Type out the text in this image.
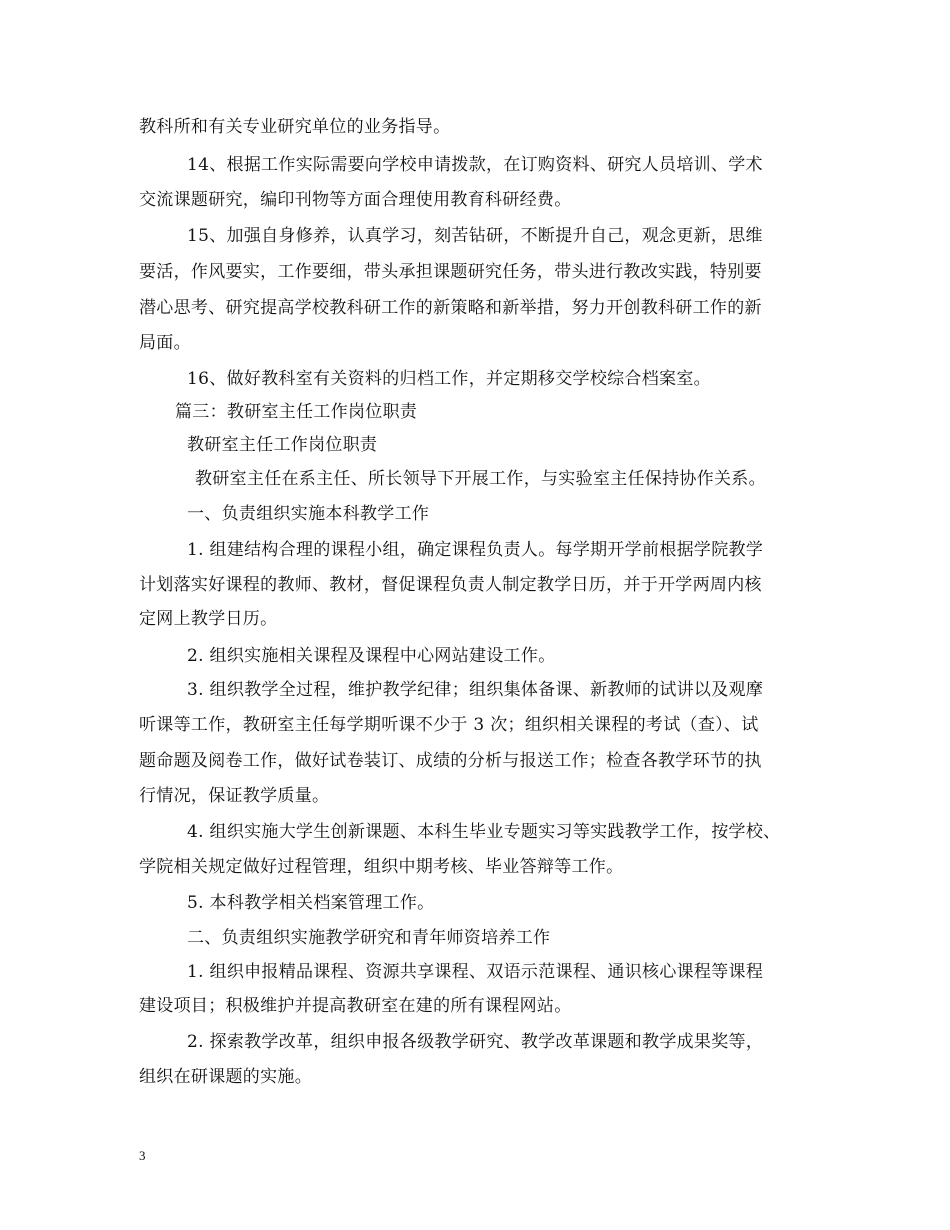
教科所和有关专业研究单位的业务指导。
14、根据工作实际需要向学校申请拨款，在订购资料、研究人员培训、学术
交流课题研究，编印刊物等方面合理使用教育科研经费。
15、加强自身修养，认真学习，刻苦钻研，不断提升自己，观念更新，思维
要活，作风要实，工作要细，带头承担课题研究任务，带头进行教改实践，特别要
潜心思考、研究提高学校教科研工作的新策略和新举措，努力开创教科研工作的新
局面。
16、做好教科室有关资料的归档工作，并定期移交学校综合档案室。
篇三：教研室主任工作岗位职责
教研室主任工作岗位职责
教研室主任在系主任、所长领导下开展工作，与实验室主任保持协作关系。
一、负责组织实施本科教学工作
1. 组建结构合理的课程小组，确定课程负责人。每学期开学前根据学院教学
计划落实好课程的教师、教材，督促课程负责人制定教学日历，并于开学两周内核
定网上教学日历。
2. 组织实施相关课程及课程中心网站建设工作。
3. 组织教学全过程，维护教学纪律；组织集体备课、新教师的试讲以及观摩
听课等工作，教研室主任每学期听课不少于 3 次；组织相关课程的考试（查）、试
题命题及阅卷工作，做好试卷装订、成绩的分析与报送工作；检查各教学环节的执
行情况，保证教学质量。
4. 组织实施大学生创新课题、本科生毕业专题实习等实践教学工作，按学校、
学院相关规定做好过程管理，组织中期考核、毕业答辩等工作。
5. 本科教学相关档案管理工作。
二、负责组织实施教学研究和青年师资培养工作
1. 组织申报精品课程、资源共享课程、双语示范课程、通识核心课程等课程
建设项目；积极维护并提高教研室在建的所有课程网站。
2. 探索教学改革，组织申报各级教学研究、教学改革课题和教学成果奖等，
组织在研课题的实施。
3
